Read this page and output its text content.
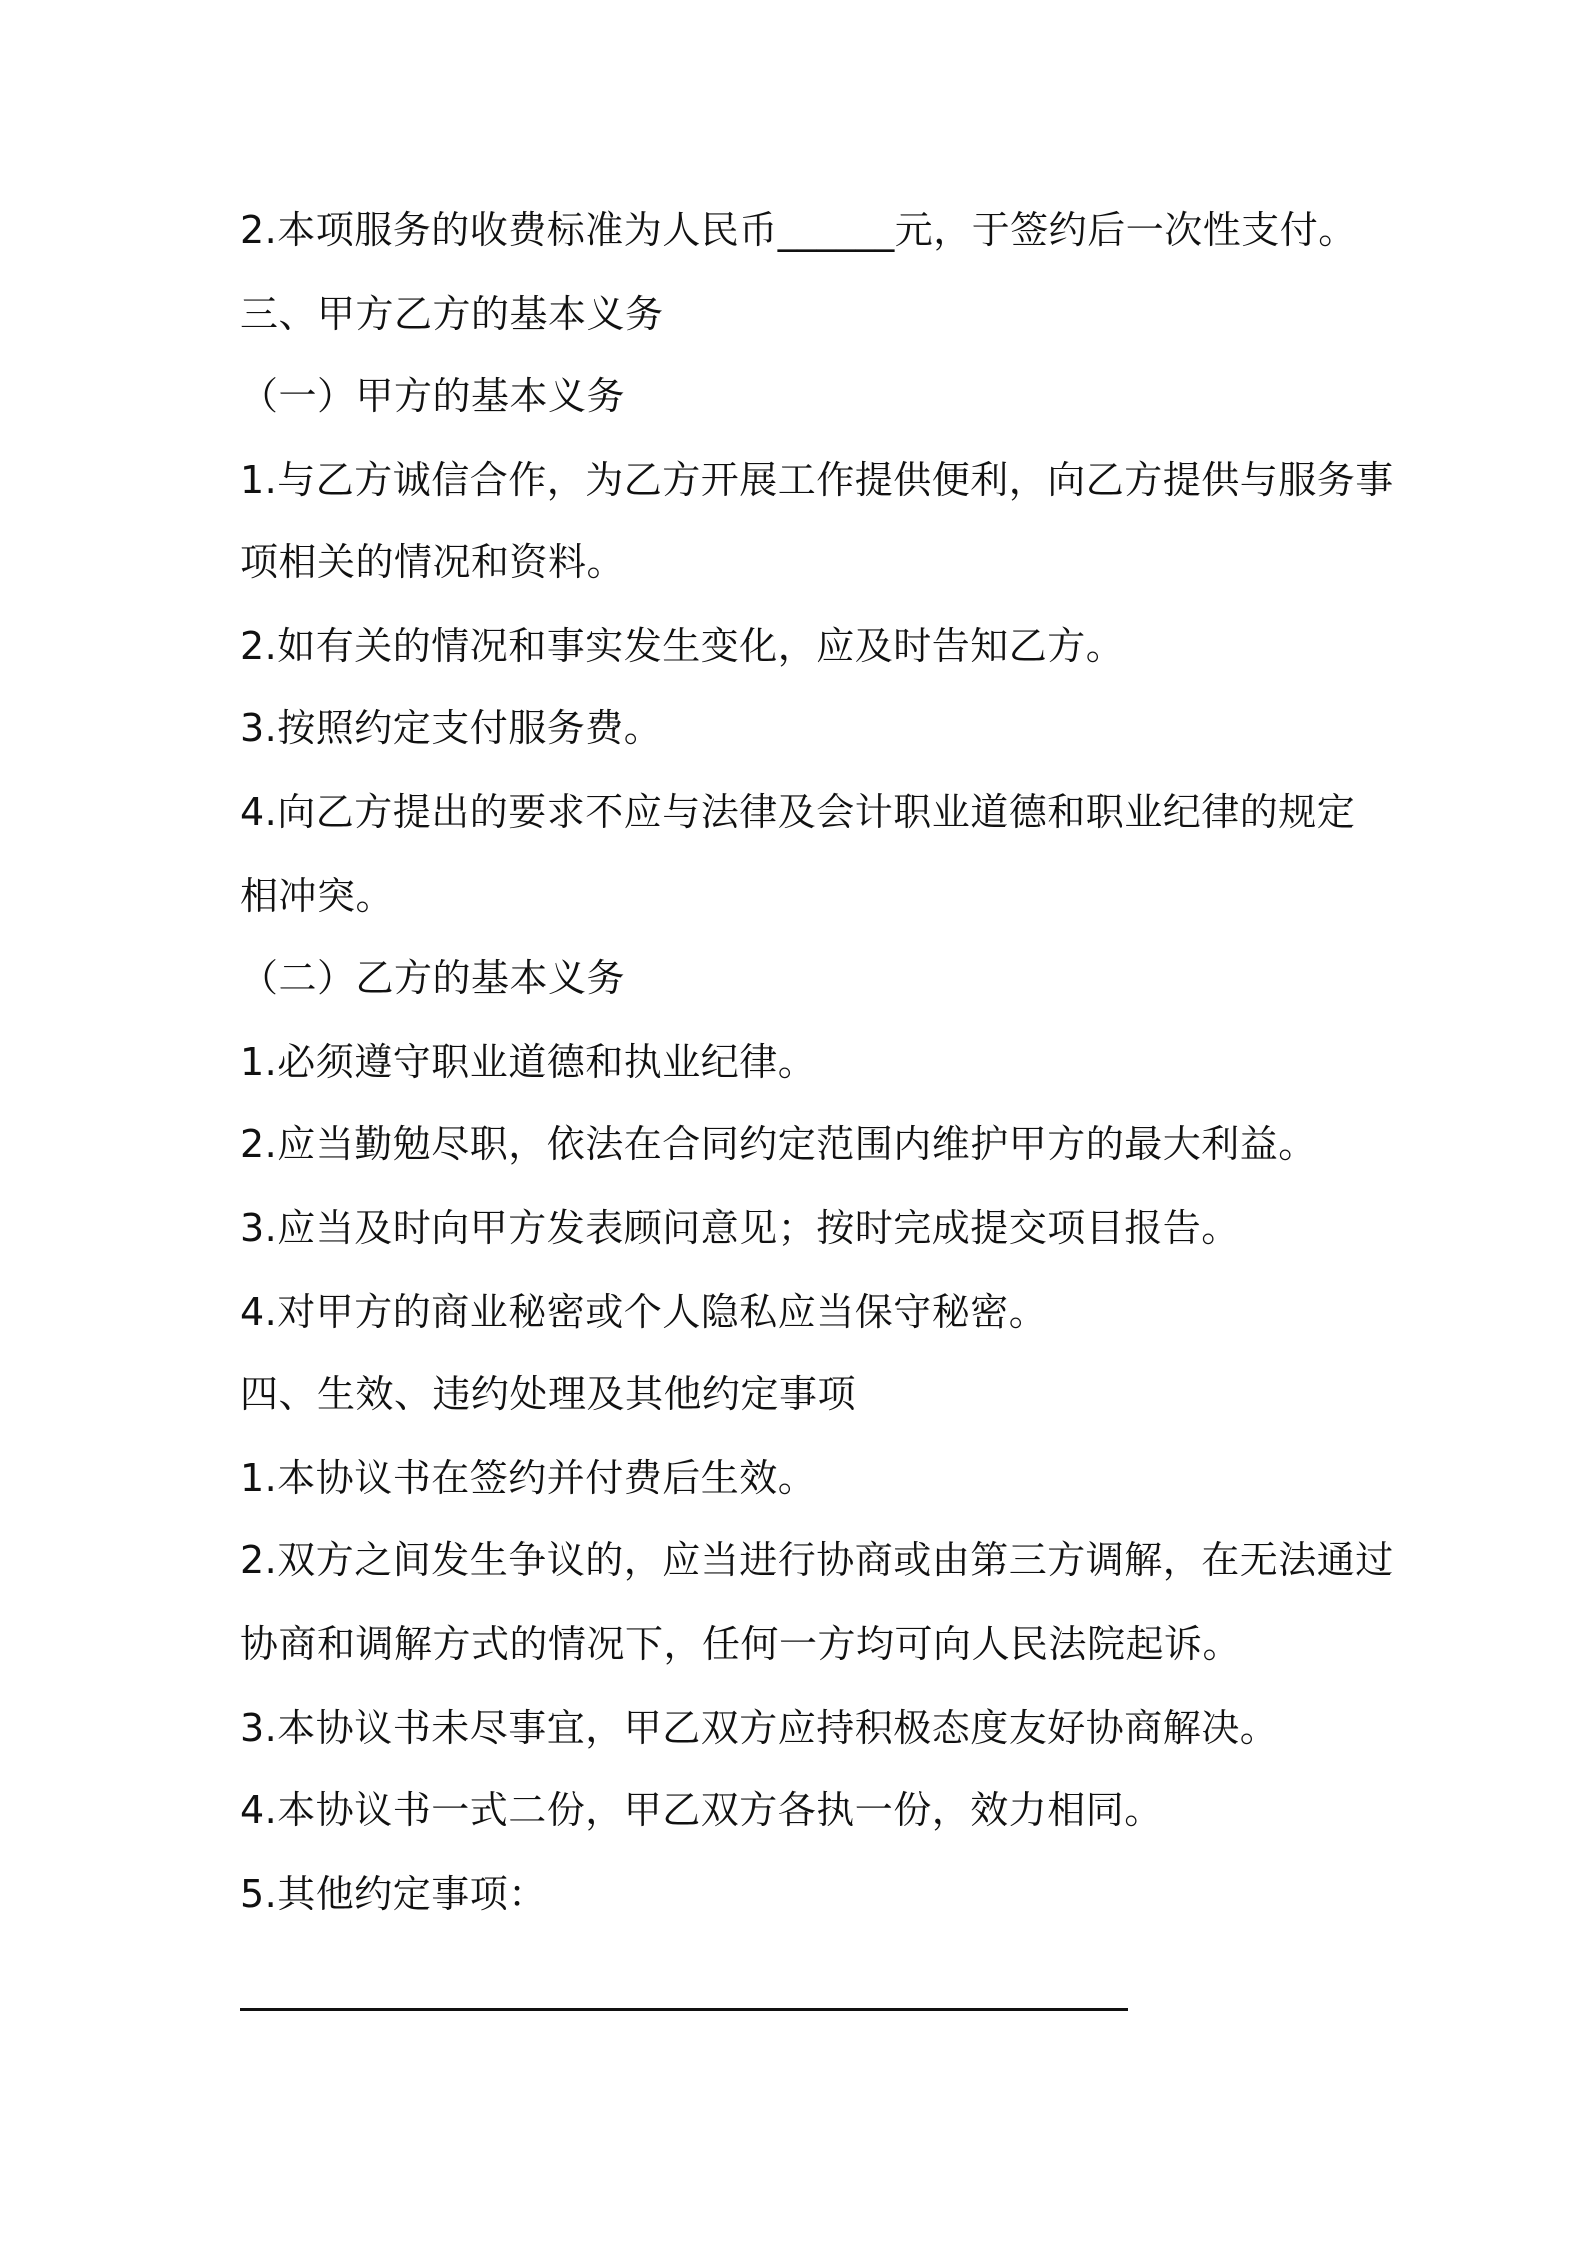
2.本项服务的收费标准为人民币______元，于签约后一次性支付。
三、甲方乙方的基本义务
（一）甲方的基本义务
1.与乙方诚信合作，为乙方开展工作提供便利，向乙方提供与服务事
项相关的情况和资料。
2.如有关的情况和事实发生变化，应及时告知乙方。
3.按照约定支付服务费。
4.向乙方提出的要求不应与法律及会计职业道德和职业纪律的规定
相冲突。
（二）乙方的基本义务
1.必须遵守职业道德和执业纪律。
2.应当勤勉尽职，依法在合同约定范围内维护甲方的最大利益。
3.应当及时向甲方发表顾问意见；按时完成提交项目报告。
4.对甲方的商业秘密或个人隐私应当保守秘密。
四、生效、违约处理及其他约定事项
1.本协议书在签约并付费后生效。
2.双方之间发生争议的，应当进行协商或由第三方调解，在无法通过
协商和调解方式的情况下，任何一方均可向人民法院起诉。
3.本协议书未尽事宜，甲乙双方应持积极态度友好协商解决。
4.本协议书一式二份，甲乙双方各执一份，效力相同。
5.其他约定事项：
